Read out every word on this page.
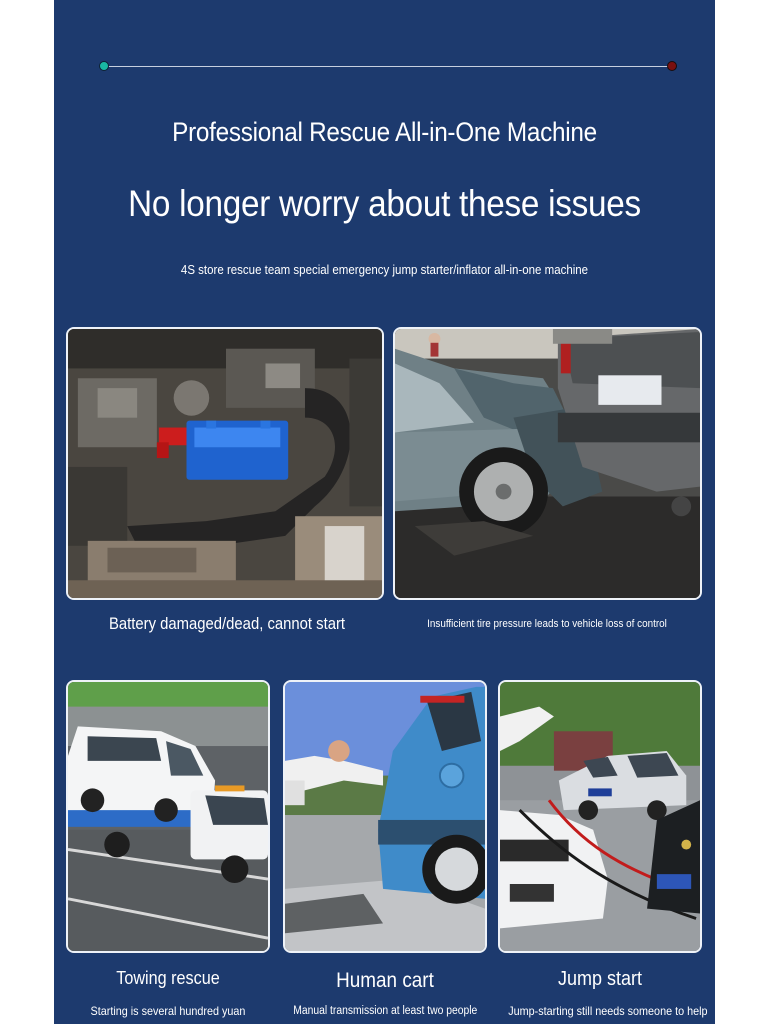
Professional Rescue All-in-One Machine
No longer worry about these issues
4S store rescue team special emergency jump starter/inflator all-in-one machine
Battery damaged/dead, cannot start	Insufficient tire pressure leads to vehicle loss of control
Towing rescue	Human cart	Jump start
Starting is several hundred yuan	Manual transmission at least two people	Jump-starting still needs someone to help
